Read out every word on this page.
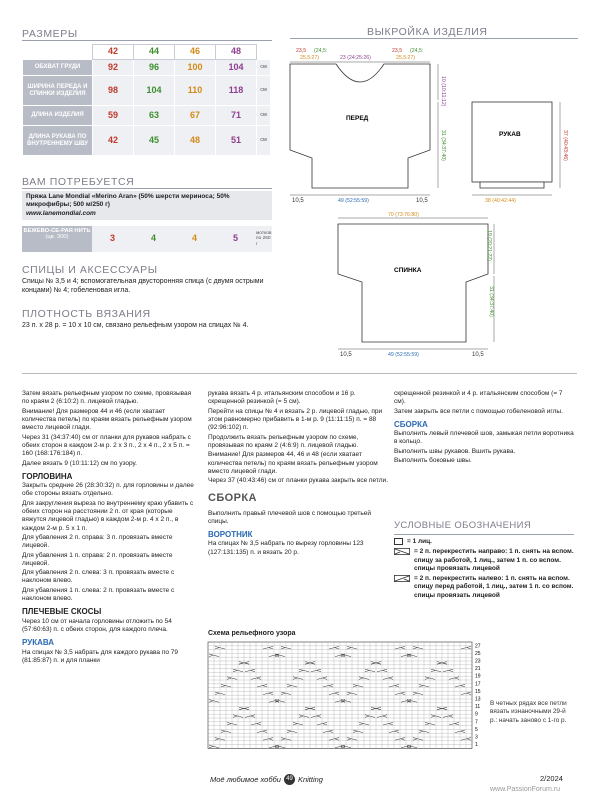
РАЗМЕРЫ
	42	44	46	48	
ОБХВАТ ГРУДИ	92	96	100	104	см
ШИРИНА ПЕРЕДА И СПИНКИ ИЗДЕЛИЯ	98	104	110	118	см
ДЛИНА ИЗДЕЛИЯ	59	63	67	71	см
ДЛИНА РУКАВА ПО ВНУТРЕННЕМУ ШВУ	42	45	48	51	см
ВАМ ПОТРЕБУЕТСЯ
Пряжа Lane Mondial «Merino Aran» (50% шерсти мериноса; 50% микрофибры; 500 м/250 г)
www.lanemondial.com
БЕЖЕВО-СЕ-РАЯ НИТЬ
(цв. 300)	3	4	4	5	мотков по 250 г
СПИЦЫ И АКСЕССУАРЫ
Спицы № 3,5 и 4; вспомогательная двусторонняя спица (с двумя острыми концами) № 4; гобеленовая игла.
ПЛОТНОСТЬ ВЯЗАНИЯ
23 п. х 28 р. = 10 х 10 см, связано рельефным узором на спицах № 4.
ВЫКРОЙКА ИЗДЕЛИЯ
ПЕРЕД
23,5 (24,5:
25,5:27)	23 (24:25:26)
23,5 (24,5:
25,5:27)
10 (10:11:12)
31 (34:37:40)
49 (52:55:59)
10,5	10,5
РУКАВ	37 (40:43:46)
38 (40:42:44)
70 (73:76:80)
СПИНКА
19 (20:21:22)
31 (34:37:40)
49 (52:55:59)
10,5	10,5
Затем вязать рельефным узором по схеме, провязывая по краям 2 (6:10:2) п. лицевой гладью.
Внимание! Для размеров 44 и 46 (если хватает количества петель) по краям вязать рельефным узором вместо лицевой глади.
Через 31 (34:37:40) см от планки для рукавов набрать с обеих сторон в каждом 2-м р. 2 х 3 п., 2 х 4 п., 2 х 5 п. = 160 (168:176:184) п.
Далее вязать 9 (10:11:12) см по узору.
ГОРЛОВИНА
Закрыть средние 26 (28:30:32) п. для горловины и далее обе стороны вязать отдельно.
Для закругления выреза по внутреннему краю убавить с обеих сторон на расстоянии 2 п. от края (которые вяжутся лицевой гладью) в каждом 2-м р. 4 х 2 п., в каждом 2-м р. 5 х 1 п.
Для убавления 2 п. справа: 3 п. провязать вместе лицевой.
Для убавления 1 п. справа: 2 п. провязать вместе лицевой.
Для убавления 2 п. слева: 3 п. провязать вместе с наклоном влево.
Для убавления 1 п. слева: 2 п. провязать вместе с наклоном влево.
ПЛЕЧЕВЫЕ СКОСЫ
Через 10 см от начала горловины отложить по 54 (57:60:63) п. с обеих сторон, для каждого плеча.
РУКАВА
На спицах № 3,5 набрать для каждого рукава по 79 (81:85:87) п. и для планки
рукава вязать 4 р. итальянским способом и 16 р. скрещенной резинкой (= 5 см).
Перейти на спицы № 4 и вязать 2 р. лицевой гладью, при этом равномерно прибавить в 1-м р. 9 (11:11:15) п. = 88 (92:96:102) п.
Продолжить вязать рельефным узором по схеме, провязывая по краям 2 (4:6:9) п. лицевой гладью.
Внимание! Для размеров 44, 46 и 48 (если хватает количества петель) по краям вязать рельефным узором вместо лицевой глади.
Через 37 (40:43:46) см от планки рукава закрыть все петли.
СБОРКА
Выполнить правый плечевой шов с помощью третьей спицы.
ВОРОТНИК
На спицах № 3,5 набрать по вырезу горловины 123 (127:131:135) п. и вязать 20 р.
скрещенной резинкой и 4 р. итальянским способом (= 7 см).
Затем закрыть все петли с помощью гобеленовой иглы.
СБОРКА
Выполнить левый плечевой шов, замыкая петли воротника в кольцо.
Выполнить швы рукавов. Вшить рукава.
Выполнить боковые швы.
УСЛОВНЫЕ ОБОЗНАЧЕНИЯ
= 1 лиц.
= 2 п. перекрестить направо: 1 п. снять на вспом. спицу за работой, 1 лиц., затем 1 п. со вспом. спицы провязать лицевой
= 2 п. перекрестить налево: 1 п. снять на вспом. спицу перед работой, 1 лиц., затем 1 п. со вспом. спицы провязать лицевой
Схема рельефного узора
27
25
23
21
19
17
15
13
11
9
7
5
3
1
В четных рядах все петли вязать изнаночными 29-й р.: начать заново с 1-го р.
Моё любимое хобби 49 Knitting	2/2024
www.PassionForum.ru
